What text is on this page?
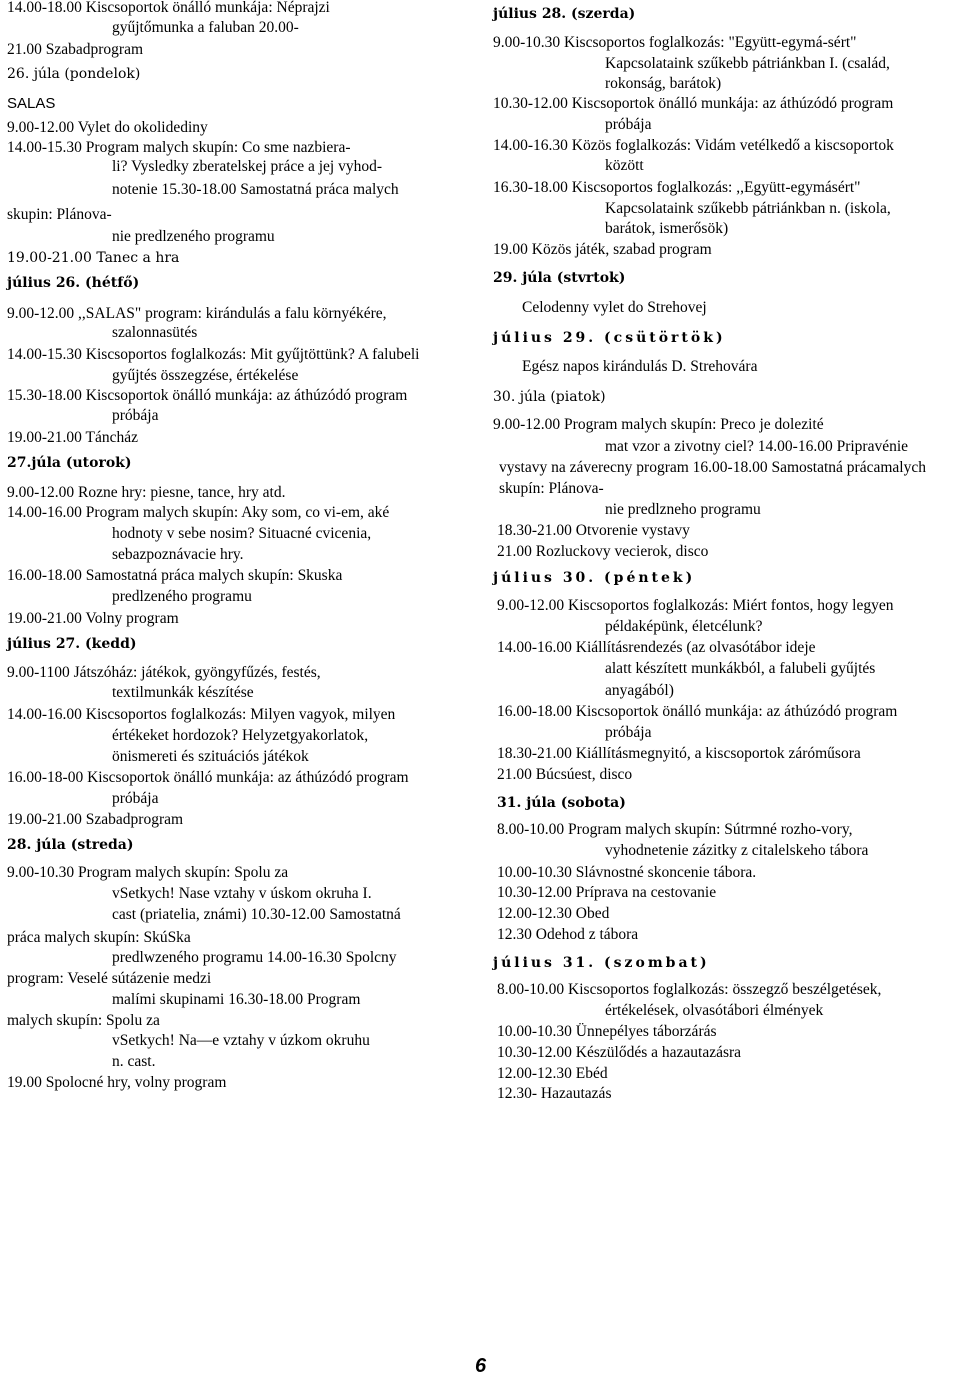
14.00-18.00 Kiscsoportok önálló munkája: Néprajzi
gyűjtőmunka a faluban 20.00-
21.00 Szabadprogram
26. júla (pondelok)
SALAS
9.00-12.00 Vylet do okolidediny
14.00-15.30 Program malych skupín: Co sme nazbiera-
li? Vysledky zberatelskej práce a jej vyhod-
notenie 15.30-18.00 Samostatná práca malych
skupin: Plánova-
nie predlzeného programu
19.00-21.00 Tanec a hra
július 26. (hétfő)
9.00-12.00 ,,SALAS" program: kirándulás a falu környékére,
szalonnasütés
14.00-15.30 Kiscsoportos foglalkozás: Mit gyűjtöttünk? A falubeli
gyűjtés összegzése, értékelése
15.30-18.00 Kiscsoportok önálló munkája: az áthúzódó program
próbája
19.00-21.00 Táncház
27.júla (utorok)
9.00-12.00 Rozne hry: piesne, tance, hry atd.
14.00-16.00 Program malych skupín: Aky som, co vi-em, aké
hodnoty v sebe nosim? Situacné cvicenia,
sebazpoznávacie hry.
16.00-18.00 Samostatná práca malych skupín: Skuska
predlzeného programu
19.00-21.00 Volny program
július 27. (kedd)
9.00-1100 Játszóház: játékok, gyöngyfűzés, festés,
textilmunkák készítése
14.00-16.00 Kiscsoportos foglalkozás: Milyen vagyok, milyen
értékeket hordozok? Helyzetgyakorlatok,
önismereti és szituációs játékok
16.00-18-00 Kiscsoportok önálló munkája: az áthúzódó program
próbája
19.00-21.00 Szabadprogram
28. júla (streda)
9.00-10.30 Program malych skupín: Spolu za
vSetkych! Nase vztahy v úskom okruha I.
cast (priatelia, známi) 10.30-12.00 Samostatná
práca malych skupín: SkúSka
predlwzeného programu 14.00-16.30 Spolcny
program: Veselé sútázenie medzi
malími skupinami 16.30-18.00 Program
malych skupín: Spolu za
vSetkych! Na—e vztahy v úzkom okruhu
n. cast.
19.00 Spolocné hry, volny program
július 28. (szerda)
9.00-10.30 Kiscsoportos foglalkozás: "Együtt-egymá-sért"
Kapcsolataink szűkebb pátriánkban I. (család,
rokonság, barátok)
10.30-12.00 Kiscsoportok önálló munkája: az áthúzódó program
próbája
14.00-16.30 Közös foglalkozás: Vidám vetélkedő a kiscsoportok
között
16.30-18.00 Kiscsoportos foglalkozás: ,,Együtt-egymásért"
Kapcsolataink szűkebb pátriánkban n. (iskola,
barátok, ismerősök)
19.00 Közös játék, szabad program
29. júla (stvrtok)
Celodenny vylet do Strehovej
július 29. (csütörtök)
Egész napos kirándulás D. Strehovára
30. júla (piatok)
9.00-12.00 Program malych skupín: Preco je dolezité
mat vzor a zivotny ciel? 14.00-16.00 Pripravénie
vystavy na záverecny program 16.00-18.00 Samostatná prácamalych
skupín: Plánova-
nie predlzneho programu
18.30-21.00 Otvorenie vystavy
21.00 Rozluckovy vecierok, disco
július 30. (péntek)
9.00-12.00 Kiscsoportos foglalkozás: Miért fontos, hogy legyen
példaképünk, életcélunk?
14.00-16.00 Kiállításrendezés (az olvasótábor ideje
alatt készített munkákból, a falubeli gyűjtés
anyagából)
16.00-18.00 Kiscsoportok önálló munkája: az áthúzódó program
próbája
18.30-21.00 Kiállításmegnyitó, a kiscsoportok záróműsora
21.00 Búcsúest, disco
31. júla (sobota)
8.00-10.00 Program malych skupín: Sútrmné rozho-vory,
vyhodnetenie zázitky z citalelskeho tábora
10.00-10.30 Slávnostné skoncenie tábora.
10.30-12.00 Príprava na cestovanie
12.00-12.30 Obed
12.30 Odehod z tábora
július 31. (szombat)
8.00-10.00 Kiscsoportos foglalkozás: összegző beszélgetések,
értékelések, olvasótábori élmények
10.00-10.30 Ünnepélyes táborzárás
10.30-12.00 Készülődés a hazautazásra
12.00-12.30 Ebéd
12.30- Hazautazás
6
